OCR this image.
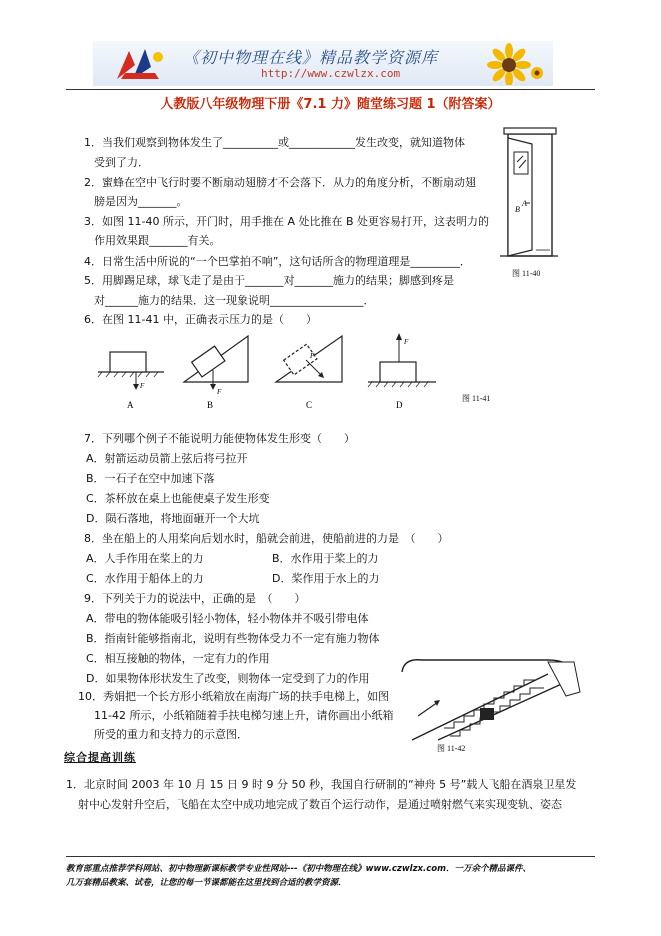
《初中物理在线》精品教学资源库
http://www.czwlzx.com
人教版八年级物理下册《7.1 力》随堂练习题 1（附答案）
1．当我们观察到物体发生了__________或____________发生改变，就知道物体
受到了力．
2．蜜蜂在空中飞行时要不断扇动翅膀才不会落下．从力的角度分析，不断扇动翅
膀是因为_______。
3．如图 11-40 所示，开门时，用手推在 A 处比推在 B 处更容易打开，这表明力的
作用效果跟_______有关。
4．日常生活中所说的“一个巴掌拍不响”，这句话所含的物理道理是_________．
5．用脚踢足球，球飞走了是由于_______对_______施力的结果；脚感到疼是
对______施力的结果．这一现象说明_________________．
6．在图 11-41 中，正确表示压力的是（　　）
A
B
图 11-40
F
A
F
B
F
C
F
D
图 11-41
7．下列哪个例子不能说明力能使物体发生形变（　　）
A．射箭运动员箭上弦后将弓拉开
B．一石子在空中加速下落
C．茶杯放在桌上也能使桌子发生形变
D．陨石落地，将地面砸开一个大坑
8．坐在船上的人用桨向后划水时，船就会前进，使船前进的力是　（　　）
A．人手作用在桨上的力	B．水作用于桨上的力
C．水作用于船体上的力	D．桨作用于水上的力
9．下列关于力的说法中，正确的是　（　　）
A．带电的物体能吸引轻小物体，轻小物体并不吸引带电体
B．指南针能够指南北，说明有些物体受力不一定有施力物体
C．相互接触的物体，一定有力的作用
D．如果物体形状发生了改变，则物体一定受到了力的作用
10．秀娟把一个长方形小纸箱放在南海广场的扶手电梯上，如图
11-42 所示，小纸箱随着手扶电梯匀速上升，请你画出小纸箱
所受的重力和支持力的示意图．
图 11-42
综合提高训练
1．北京时间 2003 年 10 月 15 日 9 时 9 分 50 秒，我国自行研制的“神舟 5 号”载人飞船在酒泉卫星发
射中心发射升空后，飞船在太空中成功地完成了数百个运行动作，是通过喷射燃气来实现变轨、姿态
教育部重点推荐学科网站、初中物理新课标教学专业性网站---《初中物理在线》www.czwlzx.com．一万余个精品课件、
几万套精品教案、试卷，让您的每一节课都能在这里找到合适的教学资源．
